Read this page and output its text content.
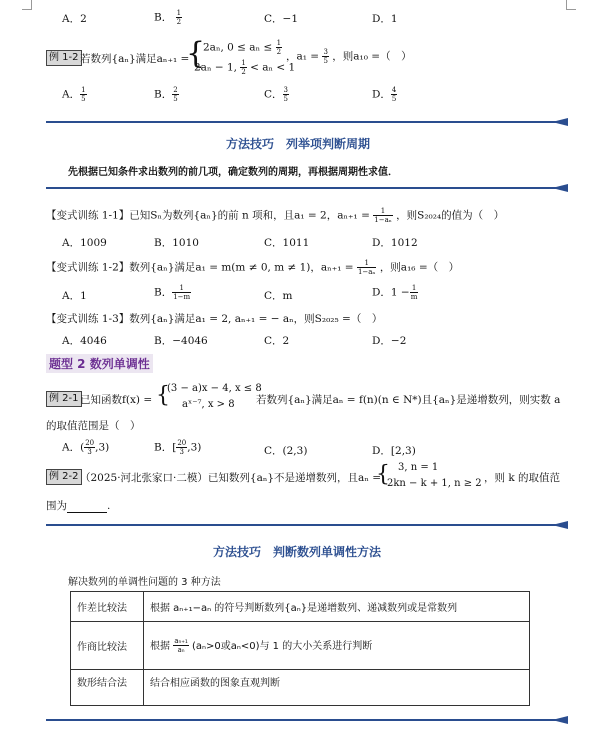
A．2	B． $\frac{1}{2}$	C．−1	D．1
例 1-2 若数列{aₙ}满足aₙ₊₁ =
{
2aₙ, $0 \le a_n \le \frac{1}{2}$
2aₙ − 1, $\frac{1}{2} < a_n < 1$
，$a_1 = \frac{3}{5}$ ，则a₁₀ =（　）
A． $\frac{1}{5}$	B． $\frac{2}{5}$	C． $\frac{3}{5}$	D． $\frac{4}{5}$
方法技巧　列举项判断周期
先根据已知条件求出数列的前几项，确定数列的周期，再根据周期性求值．
【变式训练 1-1】已知Sₙ为数列{aₙ}的前 n 项和，且a₁ = 2，$a_{n+1} = \frac{1}{\text{1−aₙ}}$ ，则S₂₀₂₄的值为（　）
A．1009	B．1010	C．1011	D．1012
【变式训练 1-2】数列{aₙ}满足a₁ = m(m ≠ 0, m ≠ 1)，$a_{n+1} = \frac{1}{\text{1−aₙ}}$ ，则a₁₆ =（　）
A．1	B． $\frac{1}{1-m}$	C．m	D．$1 - \frac{1}{m}$
【变式训练 1-3】数列{aₙ}满足a₁ = 2, aₙ₊₁ = − aₙ，则S₂₀₂₅ =（　）
A．4046	B．−4046	C．2	D．−2
题型 2 数列单调性
例 2-1 已知函数f(x) = {
(3 − a)x − 4, x ≤ 8
aˣ⁻⁷, x > 8 若数列{aₙ}满足aₙ = f(n)(n ∈ N*)且{aₙ}是递增数列，则实数 a
的取值范围是（　）
A．( $\frac{20}{3} ,3$)	B．[ $\frac{20}{3} ,3$)	C．(2,3)	D．[2,3)
例 2-2 （2025·河北张家口·二模）已知数列{aₙ}不是递增数列，且aₙ =
{ 3, n = 1
2kn − k + 1, n ≥ 2 ，则 k 的取值范
围为	.
方法技巧　判断数列单调性方法
解决数列的单调性问题的 3 种方法
作差比较法	根据 aₙ₊₁−aₙ 的符号判断数列{aₙ}是递增数列、递减数列或是常数列
作商比较法	根据 $\frac{\text{aₙ₊₁}}{\text{aₙ}} (a_n>0$或aₙ<0)与 1 的大小关系进行判断
数形结合法	结合相应函数的图象直观判断
